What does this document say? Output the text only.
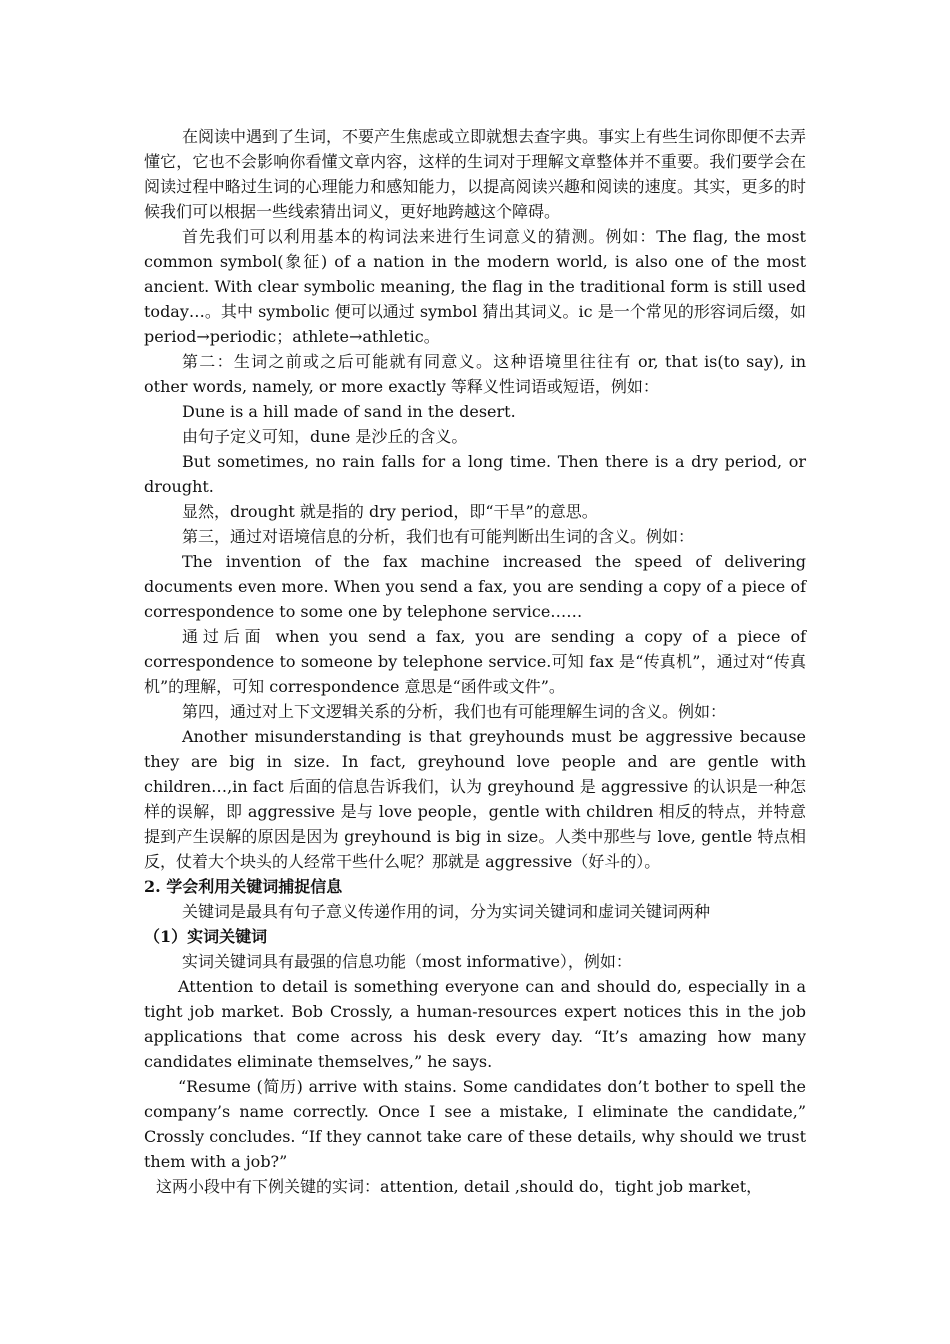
在阅读中遇到了生词，不要产生焦虑或立即就想去查字典。事实上有些生词你即便不去弄懂它，它也不会影响你看懂文章内容，这样的生词对于理解文章整体并不重要。我们要学会在阅读过程中略过生词的心理能力和感知能力，以提高阅读兴趣和阅读的速度。其实，更多的时候我们可以根据一些线索猜出词义，更好地跨越这个障碍。

首先我们可以利用基本的构词法来进行生词意义的猜测。例如：The flag, the most common symbol(象征) of a nation in the modern world, is also one of the most ancient. With clear symbolic meaning, the flag in the traditional form is still used today…。其中 symbolic 便可以通过 symbol 猜出其词义。ic 是一个常见的形容词后缀，如 period→periodic；athlete→athletic。

第二：生词之前或之后可能就有同意义。这种语境里往往有 or, that is(to say), in other words, namely, or more exactly 等释义性词语或短语，例如：

Dune is a hill made of sand in the desert.

由句子定义可知，dune 是沙丘的含义。

But sometimes, no rain falls for a long time. Then there is a dry period, or drought.

显然，drought 就是指的 dry period，即“干旱”的意思。

第三，通过对语境信息的分析，我们也有可能判断出生词的含义。例如：

The invention of the fax machine increased the speed of delivering documents even more. When you send a fax, you are sending a copy of a piece of correspondence to some one by telephone service……

通过后面 when you send a fax, you are sending a copy of a piece of correspondence to someone by telephone service.可知 fax 是“传真机”，通过对“传真机”的理解，可知 correspondence 意思是“函件或文件”。

第四，通过对上下文逻辑关系的分析，我们也有可能理解生词的含义。例如：

Another misunderstanding is that greyhounds must be aggressive because they are big in size. In fact, greyhound love people and are gentle with children…,in fact 后面的信息告诉我们，认为 greyhound 是 aggressive 的认识是一种怎样的误解，即 aggressive 是与 love people，gentle with children 相反的特点，并特意提到产生误解的原因是因为 greyhound is big in size。人类中那些与 love, gentle 特点相反，仗着大个块头的人经常干些什么呢？那就是 aggressive（好斗的）。

2. 学会利用关键词捕捉信息

关键词是最具有句子意义传递作用的词，分为实词关键词和虚词关键词两种

（1）实词关键词

实词关键词具有最强的信息功能（most informative），例如：

Attention to detail is something everyone can and should do, especially in a tight job market. Bob Crossly, a human-resources expert notices this in the job applications that come across his desk every day. “It’s amazing how many candidates eliminate themselves,” he says.

“Resume (简历) arrive with stains. Some candidates don’t bother to spell the company’s name correctly. Once I see a mistake, I eliminate the candidate,” Crossly concludes. “If they cannot take care of these details, why should we trust them with a job?”

这两小段中有下例关键的实词：attention, detail ,should do，tight job market，
